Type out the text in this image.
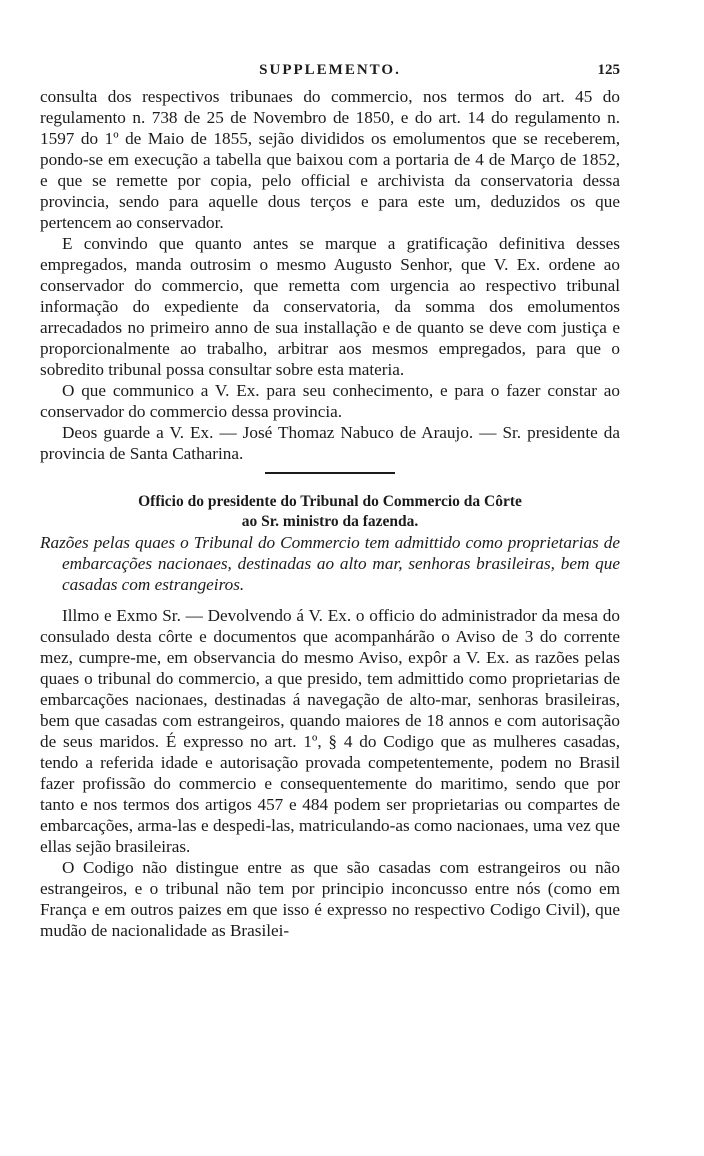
SUPPLEMENTO.	125

consulta dos respectivos tribunaes do commercio, nos termos do art. 45 do regulamento n. 738 de 25 de Novembro de 1850, e do art. 14 do regulamento n. 1597 do 1º de Maio de 1855, sejão divididos os emolumentos que se receberem, pondo-se em execução a tabella que baixou com a portaria de 4 de Março de 1852, e que se remette por copia, pelo official e archivista da conservatoria dessa provincia, sendo para aquelle dous terços e para este um, deduzidos os que pertencem ao conservador.

E convindo que quanto antes se marque a gratificação definitiva desses empregados, manda outrosim o mesmo Augusto Senhor, que V. Ex. ordene ao conservador do commercio, que remetta com urgencia ao respectivo tribunal informação do expediente da conservatoria, da somma dos emolumentos arrecadados no primeiro anno de sua installação e de quanto se deve com justiça e proporcionalmente ao trabalho, arbitrar aos mesmos empregados, para que o sobredito tribunal possa consultar sobre esta materia.

O que communico a V. Ex. para seu conhecimento, e para o fazer constar ao conservador do commercio dessa provincia.

Deos guarde a V. Ex. — José Thomaz Nabuco de Araujo. — Sr. presidente da provincia de Santa Catharina.

Officio do presidente do Tribunal do Commercio da Côrte
ao Sr. ministro da fazenda.

Razões pelas quaes o Tribunal do Commercio tem admittido como proprietarias de embarcações nacionaes, destinadas ao alto mar, senhoras brasileiras, bem que casadas com estrangeiros.

Illmo e Exmo Sr. — Devolvendo á V. Ex. o officio do administrador da mesa do consulado desta côrte e documentos que acompanhárão o Aviso de 3 do corrente mez, cumpre-me, em observancia do mesmo Aviso, expôr a V. Ex. as razões pelas quaes o tribunal do commercio, a que presido, tem admittido como proprietarias de embarcações nacionaes, destinadas á navegação de alto-mar, senhoras brasileiras, bem que casadas com estrangeiros, quando maiores de 18 annos e com autorisação de seus maridos. É expresso no art. 1º, § 4 do Codigo que as mulheres casadas, tendo a referida idade e autorisação provada competentemente, podem no Brasil fazer profissão do commercio e consequentemente do maritimo, sendo que por tanto e nos termos dos artigos 457 e 484 podem ser proprietarias ou compartes de embarcações, arma-las e despedi-las, matriculando-as como nacionaes, uma vez que ellas sejão brasileiras.

O Codigo não distingue entre as que são casadas com estrangeiros ou não estrangeiros, e o tribunal não tem por principio inconcusso entre nós (como em França e em outros paizes em que isso é expresso no respectivo Codigo Civil), que mudão de nacionalidade as Brasilei-
